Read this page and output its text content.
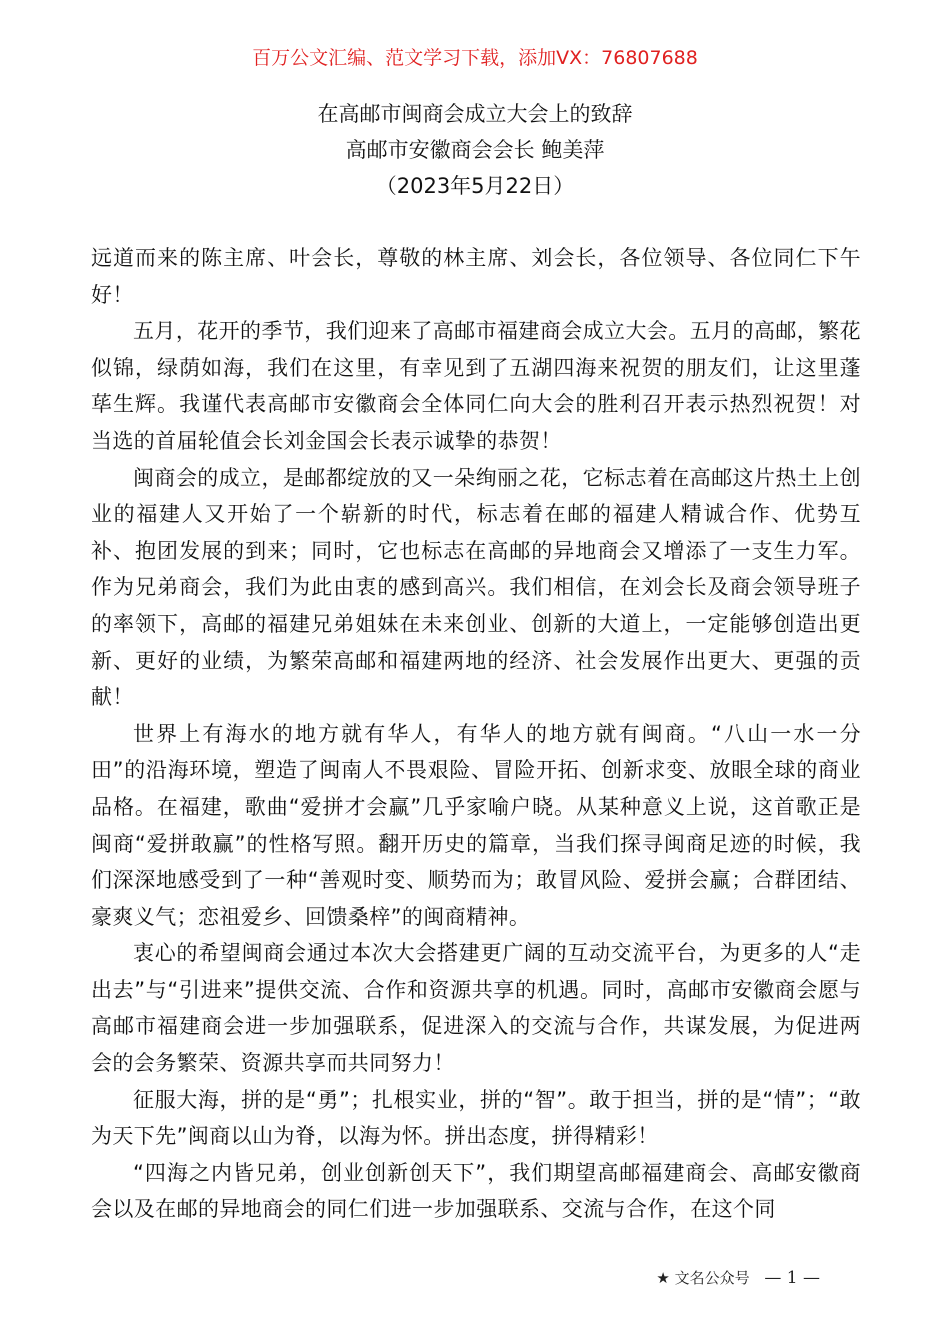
百万公文汇编、范文学习下载，添加VX：76807688
在高邮市闽商会成立大会上的致辞
高邮市安徽商会会长 鲍美萍
（2023年5月22日）

远道而来的陈主席、叶会长，尊敬的林主席、刘会长，各位领导、各位同仁下午好！

五月，花开的季节，我们迎来了高邮市福建商会成立大会。五月的高邮，繁花似锦，绿荫如海，我们在这里，有幸见到了五湖四海来祝贺的朋友们，让这里蓬荜生辉。我谨代表高邮市安徽商会全体同仁向大会的胜利召开表示热烈祝贺！对当选的首届轮值会长刘金国会长表示诚挚的恭贺！

闽商会的成立，是邮都绽放的又一朵绚丽之花，它标志着在高邮这片热土上创业的福建人又开始了一个崭新的时代，标志着在邮的福建人精诚合作、优势互补、抱团发展的到来；同时，它也标志在高邮的异地商会又增添了一支生力军。作为兄弟商会，我们为此由衷的感到高兴。我们相信，在刘会长及商会领导班子的率领下，高邮的福建兄弟姐妹在未来创业、创新的大道上，一定能够创造出更新、更好的业绩，为繁荣高邮和福建两地的经济、社会发展作出更大、更强的贡献！

世界上有海水的地方就有华人，有华人的地方就有闽商。“八山一水一分田”的沿海环境，塑造了闽南人不畏艰险、冒险开拓、创新求变、放眼全球的商业品格。在福建，歌曲“爱拼才会赢”几乎家喻户晓。从某种意义上说，这首歌正是闽商“爱拼敢赢”的性格写照。翻开历史的篇章，当我们探寻闽商足迹的时候，我们深深地感受到了一种“善观时变、顺势而为；敢冒风险、爱拼会赢；合群团结、豪爽义气；恋祖爱乡、回馈桑梓”的闽商精神。

衷心的希望闽商会通过本次大会搭建更广阔的互动交流平台，为更多的人“走出去”与“引进来”提供交流、合作和资源共享的机遇。同时，高邮市安徽商会愿与高邮市福建商会进一步加强联系，促进深入的交流与合作，共谋发展，为促进两会的会务繁荣、资源共享而共同努力！

征服大海，拼的是“勇”；扎根实业，拼的“智”。敢于担当，拼的是“情”；“敢为天下先”闽商以山为脊，以海为怀。拼出态度，拼得精彩！

“四海之内皆兄弟，创业创新创天下”，我们期望高邮福建商会、高邮安徽商会以及在邮的异地商会的同仁们进一步加强联系、交流与合作，在这个同

★ 文名公众号 — 1 —
